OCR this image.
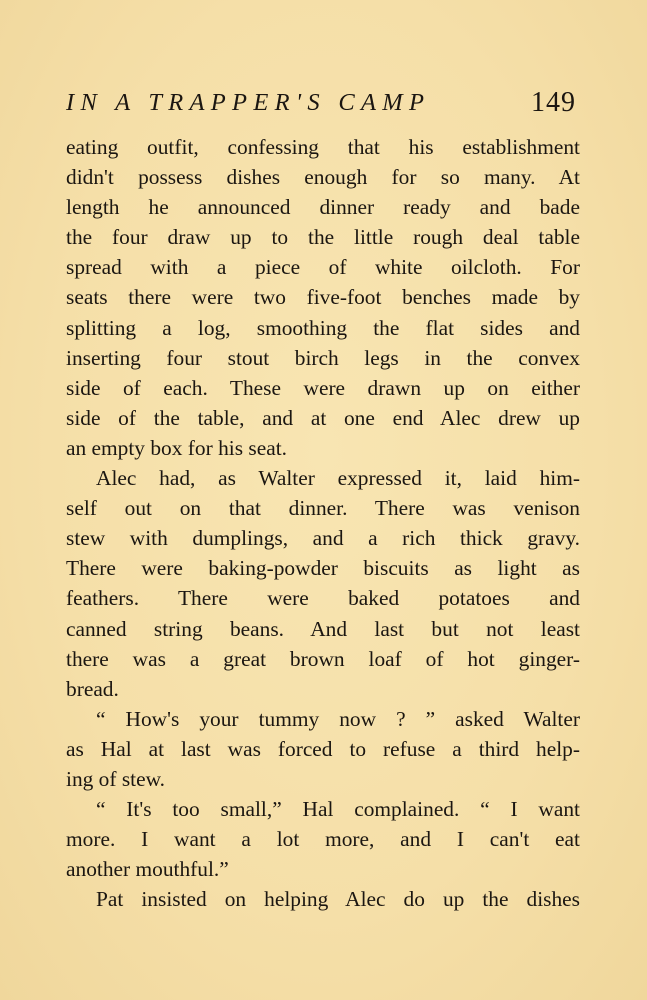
IN A TRAPPER'S CAMP	149
eating outfit, confessing that his establishment
didn't possess dishes enough for so many. At
length he announced dinner ready and bade
the four draw up to the little rough deal table
spread with a piece of white oilcloth. For
seats there were two five-foot benches made by
splitting a log, smoothing the flat sides and
inserting four stout birch legs in the convex
side of each. These were drawn up on either
side of the table, and at one end Alec drew up
an empty box for his seat.
Alec had, as Walter expressed it, laid him-
self out on that dinner. There was venison
stew with dumplings, and a rich thick gravy.
There were baking-powder biscuits as light as
feathers. There were baked potatoes and
canned string beans. And last but not least
there was a great brown loaf of hot ginger-
bread.
“ How's your tummy now ? ” asked Walter
as Hal at last was forced to refuse a third help-
ing of stew.
“ It's too small,” Hal complained. “ I want
more. I want a lot more, and I can't eat
another mouthful.”
Pat insisted on helping Alec do up the dishes
